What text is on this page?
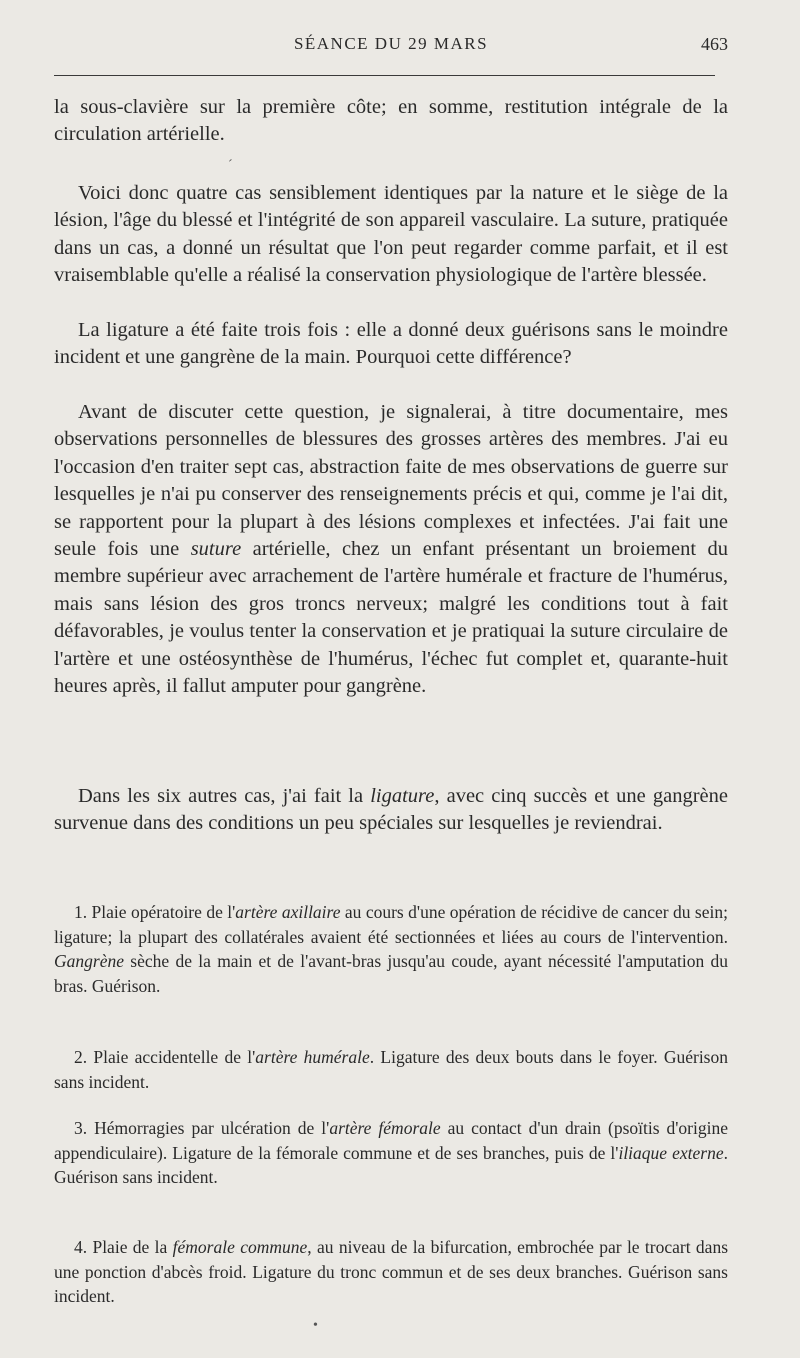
SÉANCE DU 29 MARS	463

la sous-clavière sur la première côte; en somme, restitution intégrale de la circulation artérielle.

ˊ

Voici donc quatre cas sensiblement identiques par la nature et le siège de la lésion, l'âge du blessé et l'intégrité de son appareil vasculaire. La suture, pratiquée dans un cas, a donné un résultat que l'on peut regarder comme parfait, et il est vraisemblable qu'elle a réalisé la conservation physiologique de l'artère blessée.

La ligature a été faite trois fois : elle a donné deux guérisons sans le moindre incident et une gangrène de la main. Pourquoi cette différence?

Avant de discuter cette question, je signalerai, à titre documentaire, mes observations personnelles de blessures des grosses artères des membres. J'ai eu l'occasion d'en traiter sept cas, abstraction faite de mes observations de guerre sur lesquelles je n'ai pu conserver des renseignements précis et qui, comme je l'ai dit, se rapportent pour la plupart à des lésions complexes et infectées. J'ai fait une seule fois une suture artérielle, chez un enfant présentant un broiement du membre supérieur avec arrachement de l'artère humérale et fracture de l'humérus, mais sans lésion des gros troncs nerveux; malgré les conditions tout à fait défavorables, je voulus tenter la conservation et je pratiquai la suture circulaire de l'artère et une ostéosynthèse de l'humérus, l'échec fut complet et, quarante-huit heures après, il fallut amputer pour gangrène.

Dans les six autres cas, j'ai fait la ligature, avec cinq succès et une gangrène survenue dans des conditions un peu spéciales sur lesquelles je reviendrai.

1. Plaie opératoire de l'artère axillaire au cours d'une opération de récidive de cancer du sein; ligature; la plupart des collatérales avaient été sectionnées et liées au cours de l'intervention. Gangrène sèche de la main et de l'avant-bras jusqu'au coude, ayant nécessité l'amputation du bras. Guérison.

2. Plaie accidentelle de l'artère humérale. Ligature des deux bouts dans le foyer. Guérison sans incident.

3. Hémorragies par ulcération de l'artère fémorale au contact d'un drain (psoïtis d'origine appendiculaire). Ligature de la fémorale commune et de ses branches, puis de l'iliaque externe. Guérison sans incident.

4. Plaie de la fémorale commune, au niveau de la bifurcation, embrochée par le trocart dans une ponction d'abcès froid. Ligature du tronc commun et de ses deux branches. Guérison sans incident.

•
